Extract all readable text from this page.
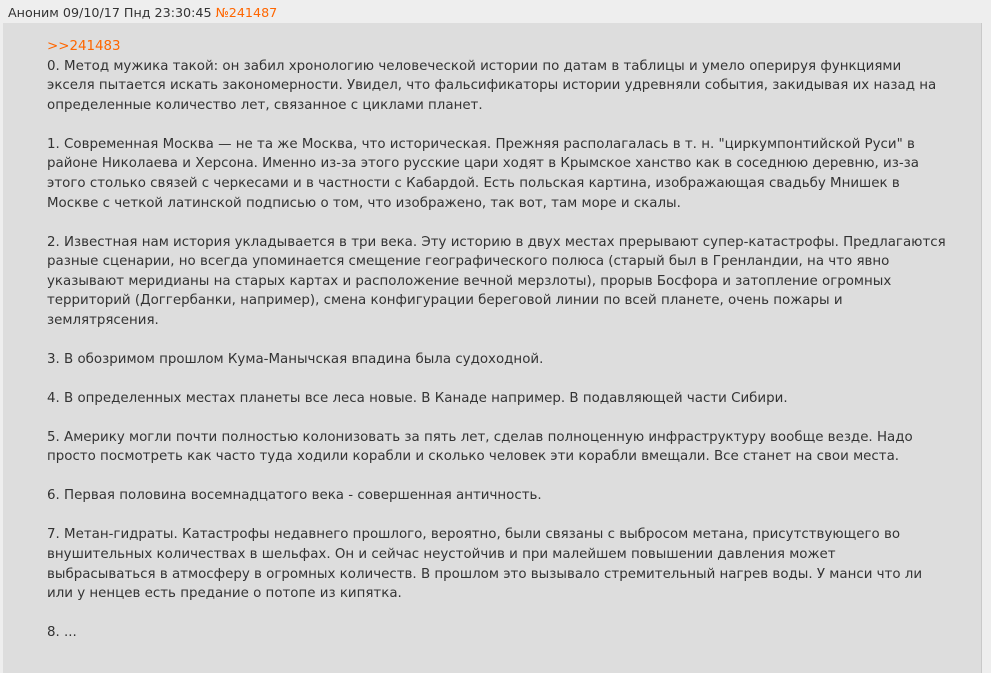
Аноним 09/10/17 Пнд 23:30:45 №241487
>>241483

0. Метод мужика такой: он забил хронологию человеческой истории по датам в таблицы и умело оперируя функциями экселя пытается искать закономерности. Увидел, что фальсификаторы истории удревняли события, закидывая их назад на определенные количество лет, связанное с циклами планет.

1. Современная Москва — не та же Москва, что историческая. Прежняя располагалась в т. н. "циркумпонтийской Руси" в районе Николаева и Херсона. Именно из-за этого русские цари ходят в Крымское ханство как в соседнюю деревню, из-за этого столько связей с черкесами и в частности с Кабардой. Есть польская картина, изображающая свадьбу Мнишек в Москве с четкой латинской подписью о том, что изображено, так вот, там море и скалы.

2. Известная нам история укладывается в три века. Эту историю в двух местах прерывают супер-катастрофы. Предлагаются разные сценарии, но всегда упоминается смещение географического полюса (старый был в Гренландии, на что явно указывают меридианы на старых картах и расположение вечной мерзлоты), прорыв Босфора и затопление огромных территорий (Доггербанки, например), смена конфигурации береговой линии по всей планете, очень пожары и землятрясения.

3. В обозримом прошлом Кума-Манычская впадина была судоходной.

4. В определенных местах планеты все леса новые. В Канаде например. В подавляющей части Сибири.

5. Америку могли почти полностью колонизовать за пять лет, сделав полноценную инфраструктуру вообще везде. Надо просто посмотреть как часто туда ходили корабли и сколько человек эти корабли вмещали. Все станет на свои места.

6. Первая половина восемнадцатого века - совершенная античность.

7. Метан-гидраты. Катастрофы недавнего прошлого, вероятно, были связаны с выбросом метана, присутствующего во внушительных количествах в шельфах. Он и сейчас неустойчив и при малейшем повышении давления может выбрасываться в атмосферу в огромных количеств. В прошлом это вызывало стремительный нагрев воды. У манси что ли или у ненцев есть предание о потопе из кипятка.

8. ...
